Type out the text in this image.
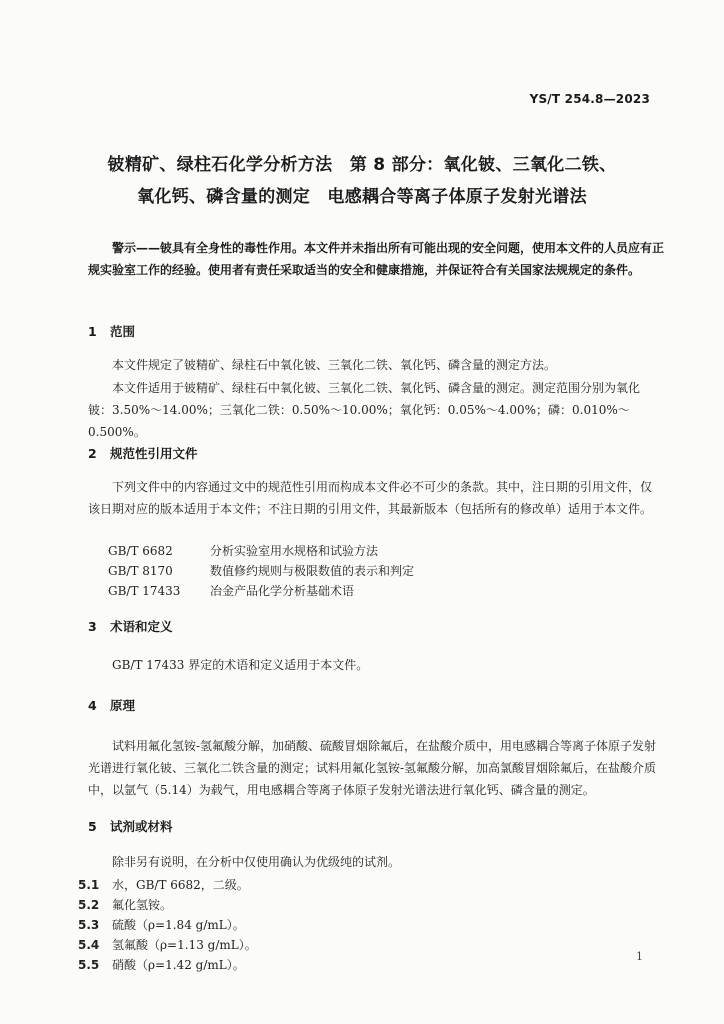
YS/T 254.8—2023
铍精矿、绿柱石化学分析方法　第 8 部分：氧化铍、三氧化二铁、
氧化钙、磷含量的测定　电感耦合等离子体原子发射光谱法
警示——铍具有全身性的毒性作用。本文件并未指出所有可能出现的安全问题，使用本文件的人员应有正规实验室工作的经验。使用者有责任采取适当的安全和健康措施，并保证符合有关国家法规规定的条件。
1 范围
本文件规定了铍精矿、绿柱石中氧化铍、三氧化二铁、氧化钙、磷含量的测定方法。
本文件适用于铍精矿、绿柱石中氧化铍、三氧化二铁、氧化钙、磷含量的测定。测定范围分别为氧化铍：3.50%～14.00%；三氧化二铁：0.50%～10.00%；氧化钙：0.05%～4.00%；磷：0.010%～0.500%。
2 规范性引用文件
下列文件中的内容通过文中的规范性引用而构成本文件必不可少的条款。其中，注日期的引用文件，仅该日期对应的版本适用于本文件；不注日期的引用文件，其最新版本（包括所有的修改单）适用于本文件。
GB/T 6682	分析实验室用水规格和试验方法
GB/T 8170	数值修约规则与极限数值的表示和判定
GB/T 17433 冶金产品化学分析基础术语
3 术语和定义
GB/T 17433 界定的术语和定义适用于本文件。
4 原理
试料用氟化氢铵-氢氟酸分解，加硝酸、硫酸冒烟除氟后，在盐酸介质中，用电感耦合等离子体原子发射光谱进行氧化铍、三氧化二铁含量的测定；试料用氟化氢铵-氢氟酸分解，加高氯酸冒烟除氟后，在盐酸介质中，以氩气（5.14）为载气，用电感耦合等离子体原子发射光谱法进行氧化钙、磷含量的测定。
5 试剂或材料
除非另有说明，在分析中仅使用确认为优级纯的试剂。
5.1 水，GB/T 6682，二级。
5.2 氟化氢铵。
5.3 硫酸（ρ=1.84 g/mL）。
5.4 氢氟酸（ρ=1.13 g/mL）。
5.5 硝酸（ρ=1.42 g/mL）。
1
